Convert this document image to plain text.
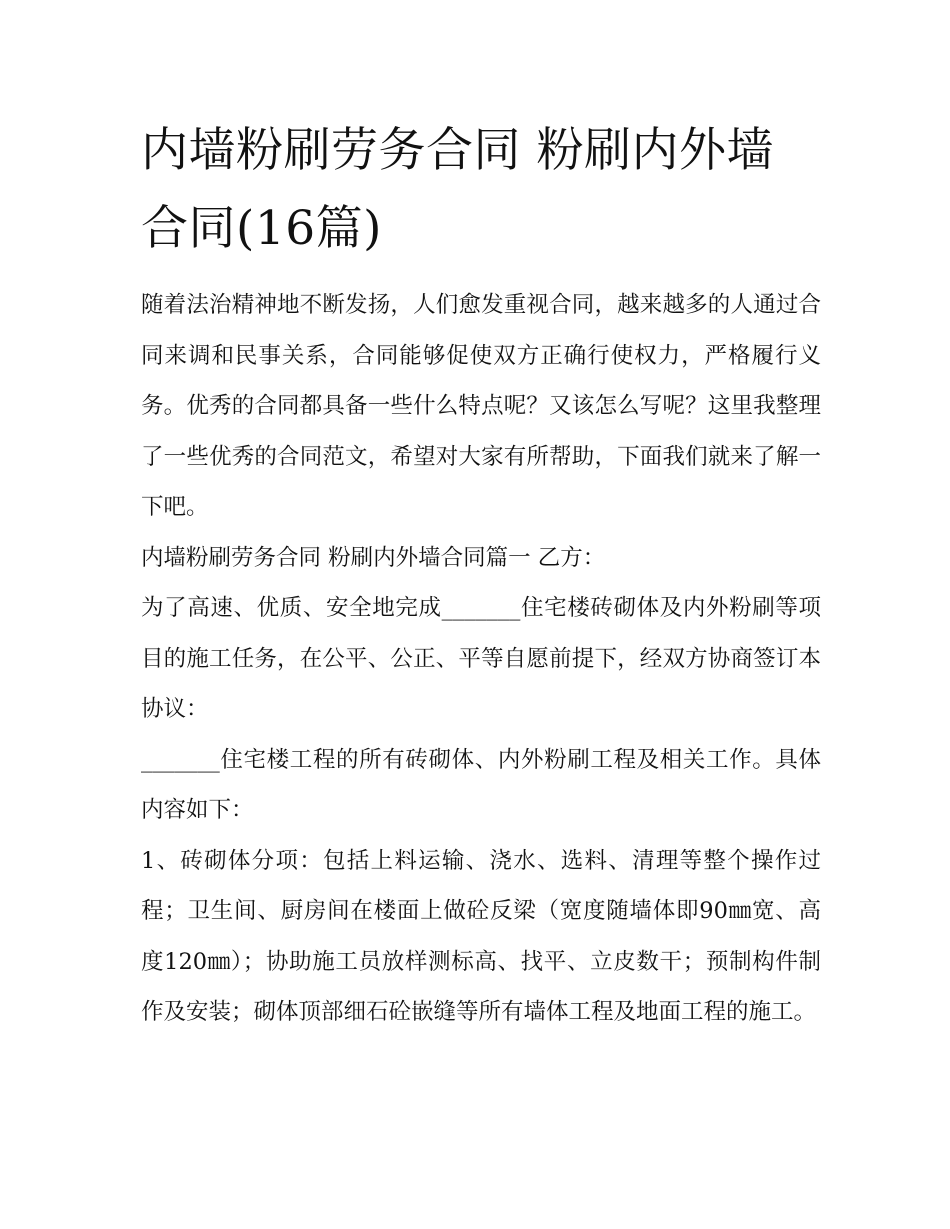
内墙粉刷劳务合同 粉刷内外墙合同(16篇)

随着法治精神地不断发扬，人们愈发重视合同，越来越多的人通过合同来调和民事关系，合同能够促使双方正确行使权力，严格履行义务。优秀的合同都具备一些什么特点呢？又该怎么写呢？这里我整理了一些优秀的合同范文，希望对大家有所帮助，下面我们就来了解一下吧。

内墙粉刷劳务合同 粉刷内外墙合同篇一 乙方：

为了高速、优质、安全地完成_______住宅楼砖砌体及内外粉刷等项目的施工任务，在公平、公正、平等自愿前提下，经双方协商签订本协议：

_______住宅楼工程的所有砖砌体、内外粉刷工程及相关工作。具体内容如下：

1、砖砌体分项：包括上料运输、浇水、选料、清理等整个操作过程；卫生间、厨房间在楼面上做砼反梁（宽度随墙体即90㎜宽、高度120㎜）；协助施工员放样测标高、找平、立皮数干；预制构件制作及安装；砌体顶部细石砼嵌缝等所有墙体工程及地面工程的施工。
